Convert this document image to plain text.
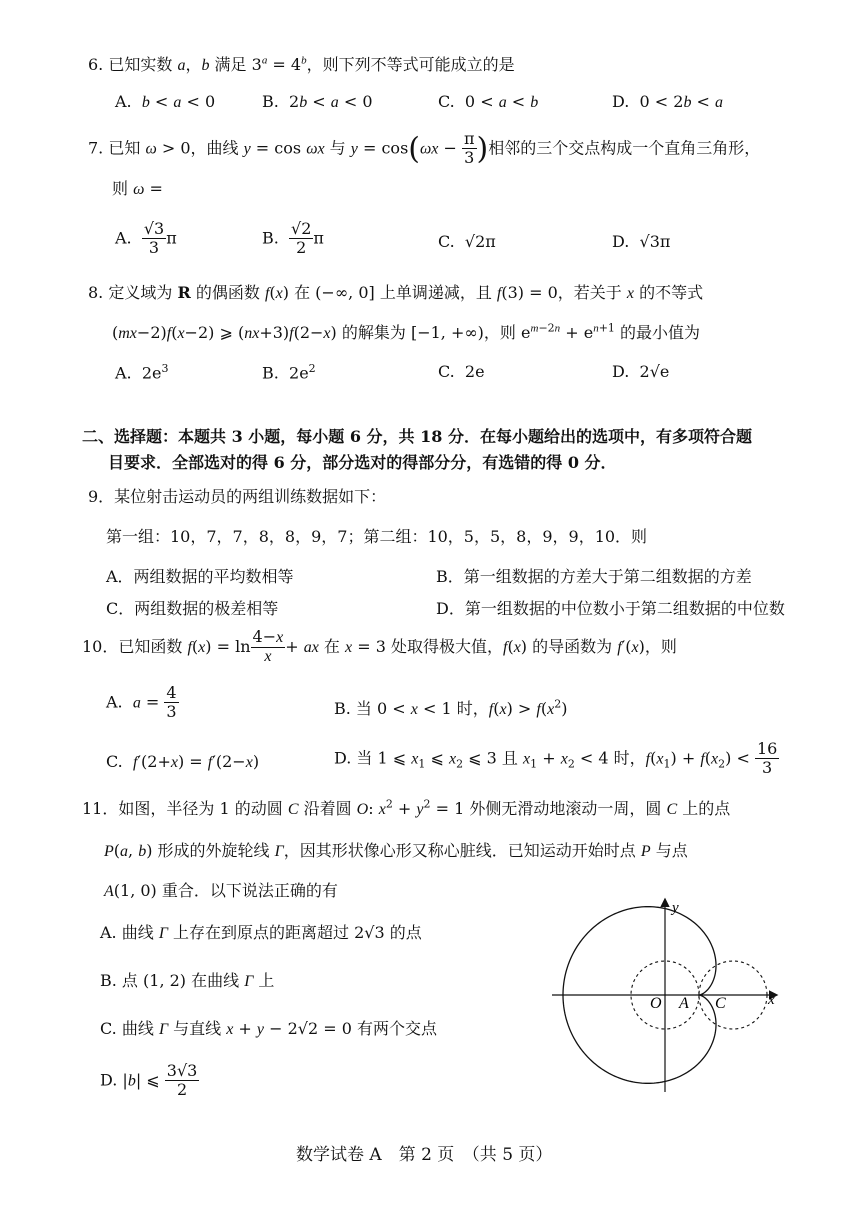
6. 已知实数 a，b 满足 $3^a = 4^b$，则下列不等式可能成立的是
A.  b < a < 0	B.  2b < a < 0	C.  0 < a < b	D.  0 < 2b < a
7. 已知 ω > 0，曲线 y = cos ωx 与 $y = \cos(\omega x - \frac{\pi}{3}$ )相邻的三个交点构成一个直角三角形，
则 ω =
A. $\frac{√3}{3}$ π	B. $\frac{√2}{2}$ π	C.  √2π	D.  √3π
8. 定义域为 R 的偶函数 f(x) 在 (−∞, 0] 上单调递减，且 f(3) = 0，若关于 x 的不等式
(mx−2)f(x−2) ⩾ (nx+3)f(2−x) 的解集为 [−1, +∞)，则 $e^{m-2n} + e^{n+1}$ 的最小值为
A.  $2e^3$	B.  $2e^2$	C.  2e	D.  2√e
二、选择题：本题共 3 小题，每小题 6 分，共 18 分．在每小题给出的选项中，有多项符合题
目要求．全部选对的得 6 分，部分选对的得部分分，有选错的得 0 分．
9．某位射击运动员的两组训练数据如下：
第一组：10，7，7，8，8，9，7；第二组：10，5，5，8，9，9，10．则
A．两组数据的平均数相等	B．第一组数据的方差大于第二组数据的方差
C．两组数据的极差相等	D．第一组数据的中位数小于第二组数据的中位数
10．已知函数 $f(x) = \ln \frac{4-x}{x}$ + ax 在 x = 3 处取得极大值，f(x) 的导函数为 f′(x)，则
A.  $a = \frac{4}{3}$	B. 当 0 < x < 1 时，$f(x) > f(x^2)$
C.  f′(2+x) = f′(2−x)	D. 当 1 ⩽ $x_1$ ⩽ $x_2$ ⩽ 3 且 $x_1 + x_2 < 4$ 时，$f(x_1) + f(x_2) < \frac{16}{3}$
11．如图，半径为 1 的动圆 C 沿着圆 O: $x^2 + y^2 = 1$ 外侧无滑动地滚动一周，圆 C 上的点
P(a, b) 形成的外旋轮线 Γ，因其形状像心形又称心脏线．已知运动开始时点 P 与点
A(1, 0) 重合．以下说法正确的有
A. 曲线 Γ 上存在到原点的距离超过 2√3 的点
B. 点 (1, 2) 在曲线 Γ 上
C. 曲线 Γ 与直线 x + y − 2√2 = 0 有两个交点
D. |b| ⩽ $\frac{3√3}{2}$
y
x
O A C
数学试卷 A　第 2 页　（共 5 页）
